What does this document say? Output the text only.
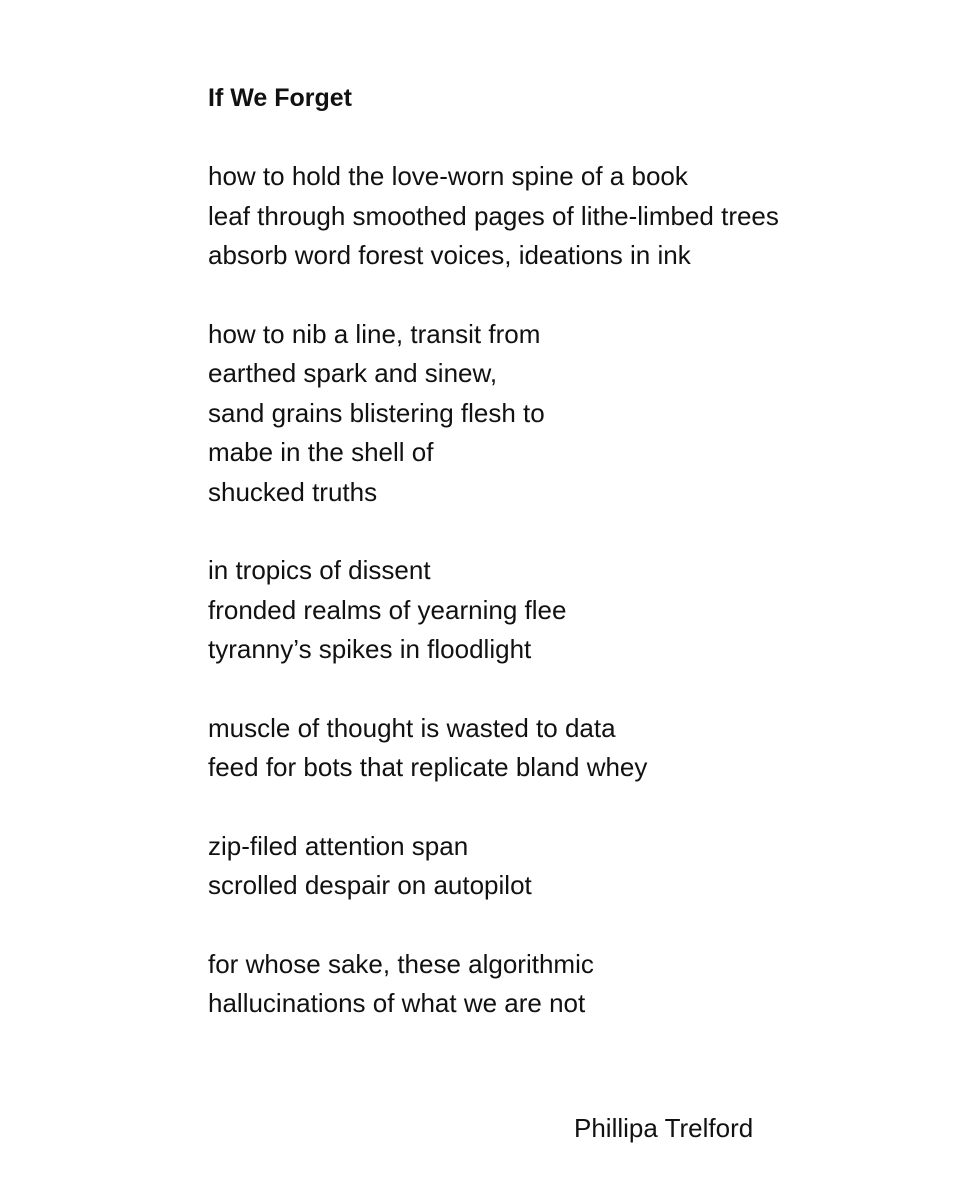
If We Forget
how to hold the love-worn spine of a book
leaf through smoothed pages of lithe-limbed trees
absorb word forest voices, ideations in ink
how to nib a line, transit from
earthed spark and sinew,
sand grains blistering flesh to
mabe in the shell of
shucked truths
in tropics of dissent
fronded realms of yearning flee
tyranny’s spikes in floodlight
muscle of thought is wasted to data
feed for bots that replicate bland whey
zip-filed attention span
scrolled despair on autopilot
for whose sake, these algorithmic
hallucinations of what we are not
Phillipa Trelford
